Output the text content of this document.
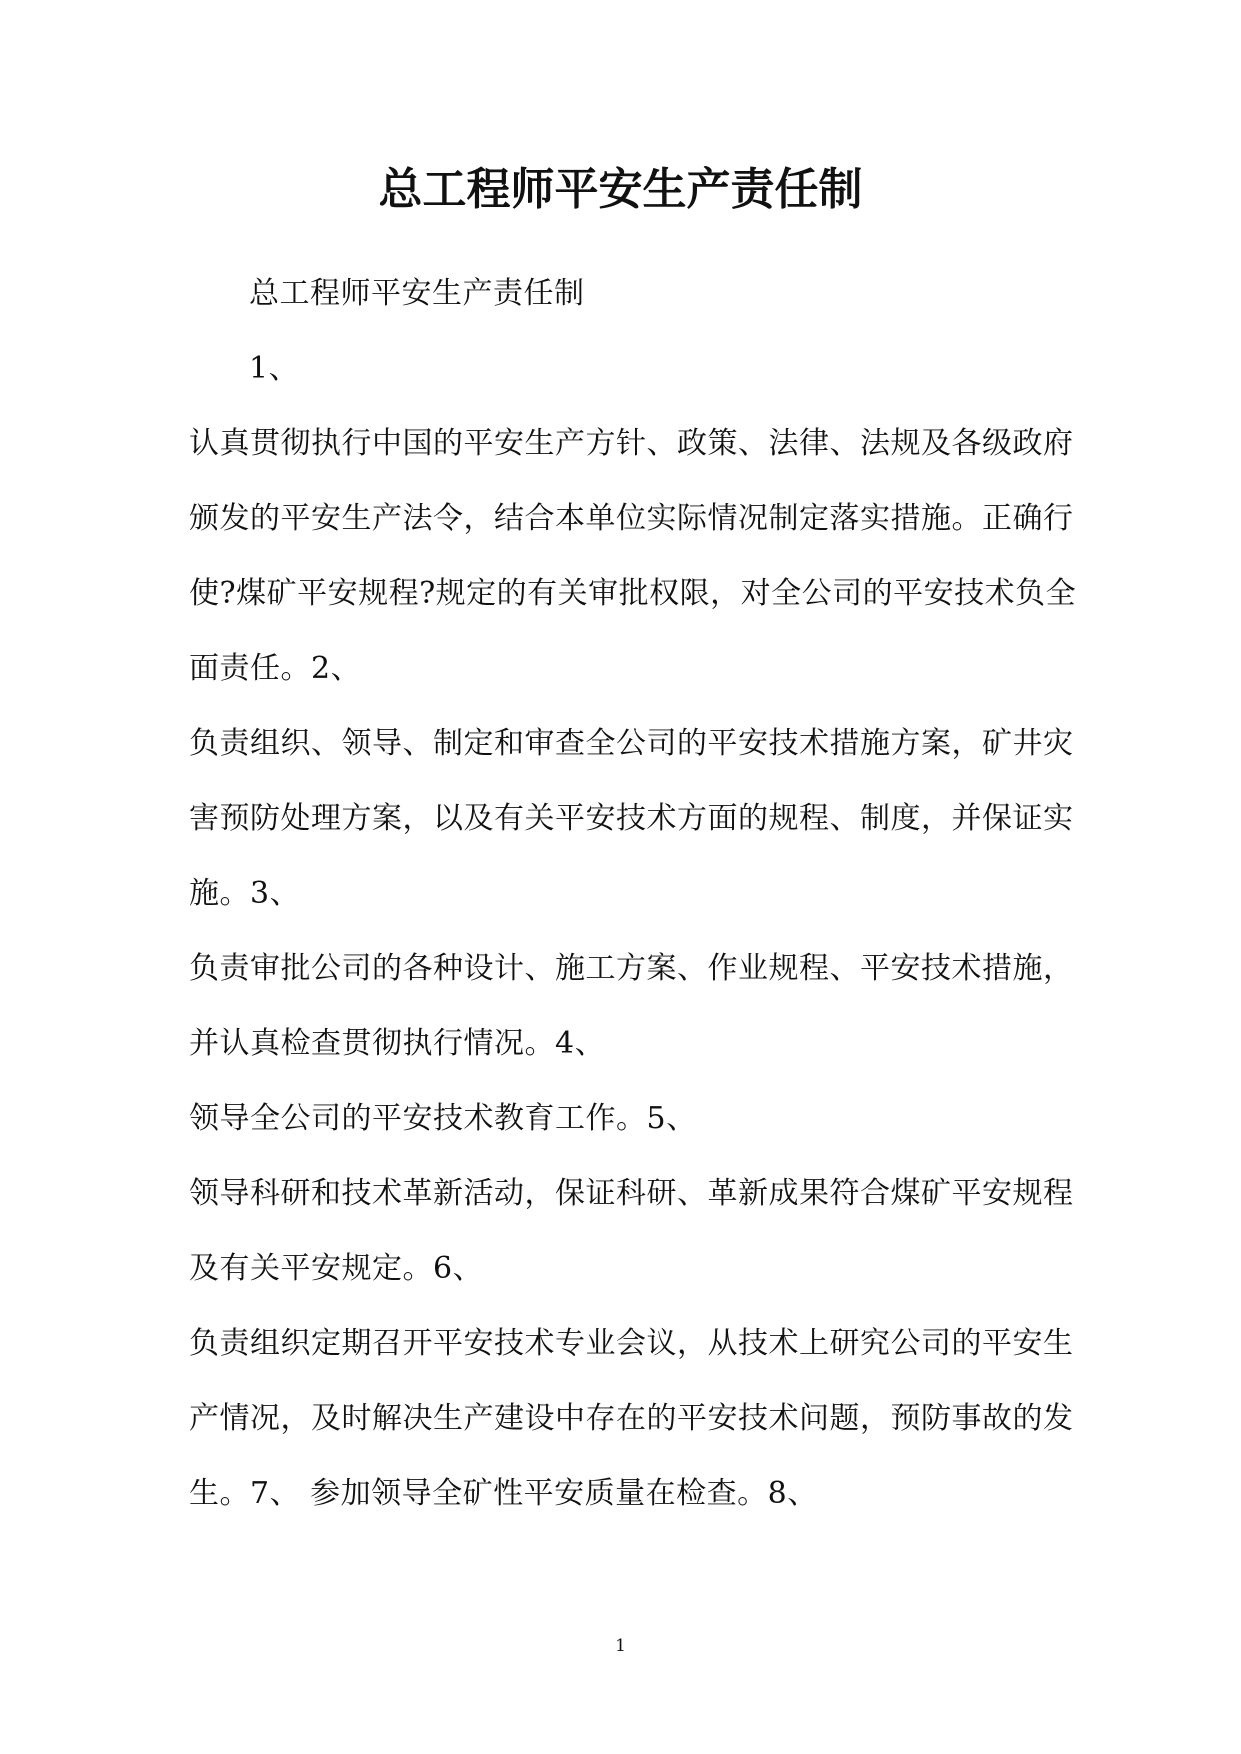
总工程师平安生产责任制
总工程师平安生产责任制
1、
认真贯彻执行中国的平安生产方针、政策、法律、法规及各级政府
颁发的平安生产法令，结合本单位实际情况制定落实措施。正确行
使?煤矿平安规程?规定的有关审批权限，对全公司的平安技术负全
面责任。2、
负责组织、领导、制定和审查全公司的平安技术措施方案，矿井灾
害预防处理方案，以及有关平安技术方面的规程、制度，并保证实
施。3、
负责审批公司的各种设计、施工方案、作业规程、平安技术措施，
并认真检查贯彻执行情况。4、
领导全公司的平安技术教育工作。5、
领导科研和技术革新活动，保证科研、革新成果符合煤矿平安规程
及有关平安规定。6、
负责组织定期召开平安技术专业会议，从技术上研究公司的平安生
产情况，及时解决生产建设中存在的平安技术问题，预防事故的发
生。7、 参加领导全矿性平安质量在检查。8、
1
